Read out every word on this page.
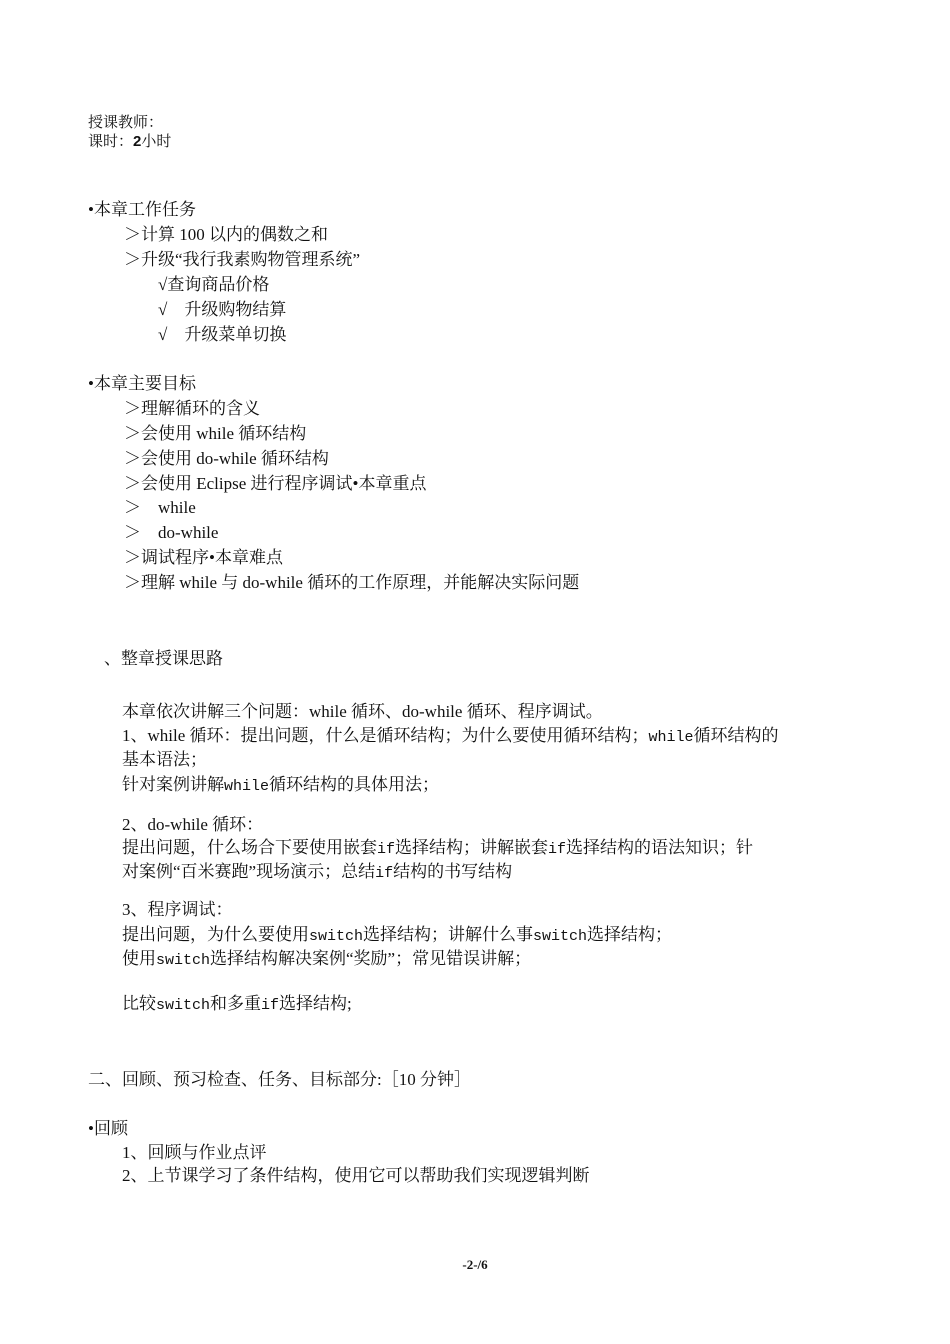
授课教师：
课时：2小时
•本章工作任务
＞计算 100 以内的偶数之和
＞升级“我行我素购物管理系统”
√查询商品价格
√　升级购物结算
√　升级菜单切换
•本章主要目标
＞理解循环的含义
＞会使用 while 循环结构
＞会使用 do-while 循环结构
＞会使用 Eclipse 进行程序调试•本章重点
＞　while
＞　do-while
＞调试程序•本章难点
＞理解 while 与 do-while 循环的工作原理，并能解决实际问题
、整章授课思路
本章依次讲解三个问题：while 循环、do-while 循环、程序调试。
1、while 循环：提出问题，什么是循环结构；为什么要使用循环结构；while循环结构的
基本语法；
针对案例讲解while循环结构的具体用法；
2、do-while 循环：
提出问题，什么场合下要使用嵌套if选择结构；讲解嵌套if选择结构的语法知识；针
对案例“百米赛跑”现场演示；总结if结构的书写结构
3、程序调试：
提出问题，为什么要使用switch选择结构；讲解什么事switch选择结构；
使用switch选择结构解决案例“奖励”；常见错误讲解；
比较switch和多重if选择结构;
二、回顾、预习检查、任务、目标部分:［10 分钟］
•回顾
1、回顾与作业点评
2、上节课学习了条件结构，使用它可以帮助我们实现逻辑判断
-2-/6
